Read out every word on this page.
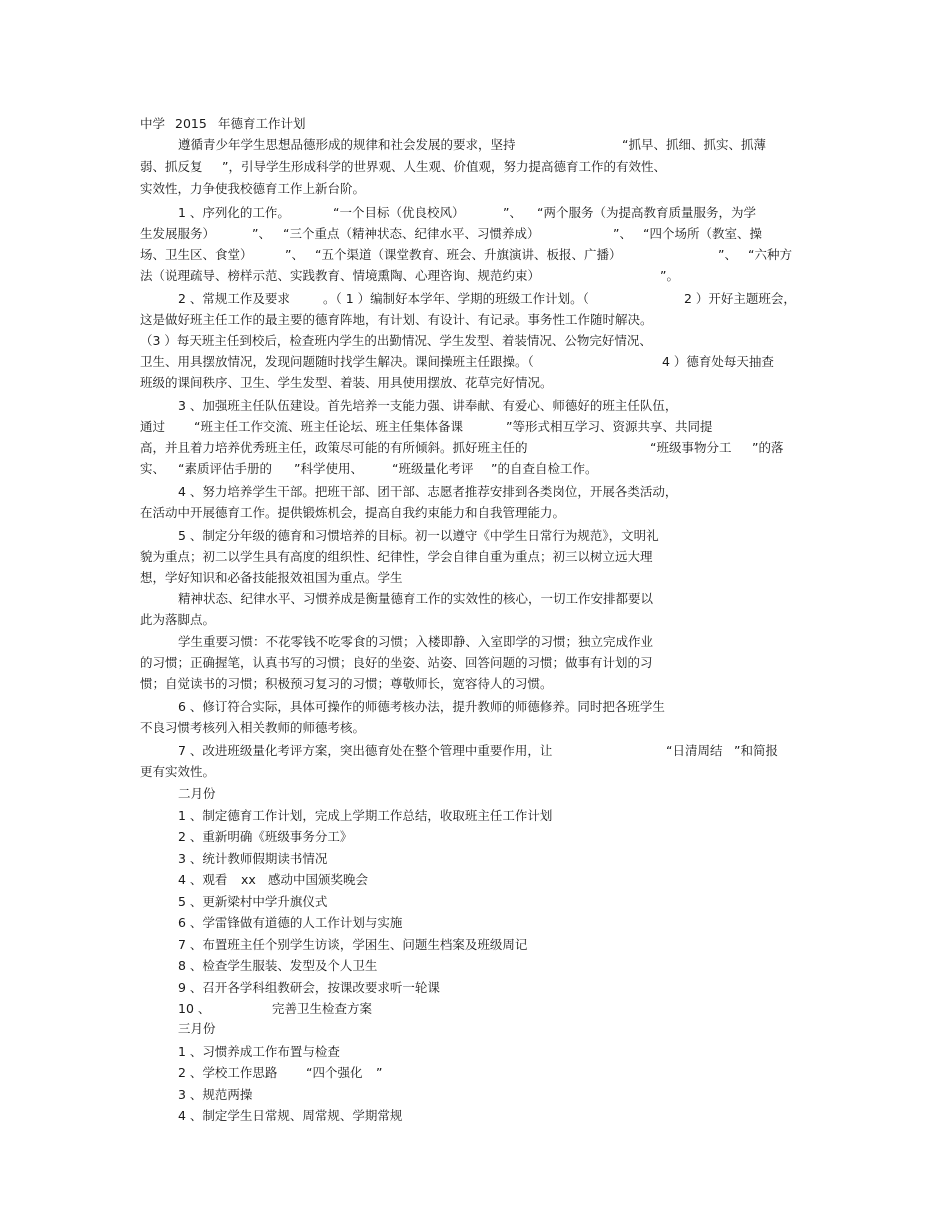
中学

2015

年德育工作计划

遵循青少年学生思想品德形成的规律和社会发展的要求，坚持

	“抓早、抓细、抓实、抓薄

弱、抓反复

”，引导学生形成科学的世界观、人生观、价值观，努力提高德育工作的有效性、

实效性，力争使我校德育工作上新台阶。

1 、序列化的工作。

	“一个目标（优良校风）

	”、

“两个服务（为提高教育质量服务，为学

生发展服务）

	”、

“三个重点（精神状态、纪律水平、习惯养成）

	”、

“四个场所（教室、操

场、卫生区、食堂）

	”、

“五个渠道（课堂教育、班会、升旗演讲、板报、广播）

	”、

“六种方

法（说理疏导、榜样示范、实践教育、情境熏陶、心理咨询、规范约束）

	”。

2 、常规工作及要求

	。（ 1 ）编制好本学年、学期的班级工作计划。（

	2 ）开好主题班会，

这是做好班主任工作的最主要的德育阵地，有计划、有设计、有记录。事务性工作随时解决。

（3 ）每天班主任到校后，检查班内学生的出勤情况、学生发型、着装情况、公物完好情况、

卫生、用具摆放情况，发现问题随时找学生解决。课间操班主任跟操。（

	4 ）德育处每天抽查

班级的课间秩序、卫生、学生发型、着装、用具使用摆放、花草完好情况。

3 、加强班主任队伍建设。首先培养一支能力强、讲奉献、有爱心、师德好的班主任队伍，

通过

“班主任工作交流、班主任论坛、班主任集体备课

	”等形式相互学习、资源共享、共同提

高，并且着力培养优秀班主任，政策尽可能的有所倾斜。抓好班主任的

	“班级事物分工

”的落

实、

“素质评估手册的

”科学使用、

“班级量化考评

”的自查自检工作。

4 、努力培养学生干部。把班干部、团干部、志愿者推荐安排到各类岗位，开展各类活动，

在活动中开展德育工作。提供锻炼机会，提高自我约束能力和自我管理能力。

5 、制定分年级的德育和习惯培养的目标。初一以遵守《中学生日常行为规范》，文明礼

貌为重点；初二以学生具有高度的组织性、纪律性，学会自律自重为重点；初三以树立远大理

想，学好知识和必备技能报效祖国为重点。学生

精神状态、纪律水平、习惯养成是衡量德育工作的实效性的核心，一切工作安排都要以

此为落脚点。

学生重要习惯：不花零钱不吃零食的习惯；入楼即静、入室即学的习惯；独立完成作业

的习惯；正确握笔，认真书写的习惯；良好的坐姿、站姿、回答问题的习惯；做事有计划的习

惯；自觉读书的习惯；积极预习复习的习惯；尊敬师长，宽容待人的习惯。

6 、修订符合实际，具体可操作的师德考核办法，提升教师的师德修养。同时把各班学生

不良习惯考核列入相关教师的师德考核。

7 、改进班级量化考评方案，突出德育处在整个管理中重要作用，让

	“日清周结

”和简报

更有实效性。

二月份

1 、制定德育工作计划，完成上学期工作总结，收取班主任工作计划

2 、重新明确《班级事务分工》

3 、统计教师假期读书情况

4 、观看

xx

感动中国颁奖晚会

5 、更新梁村中学升旗仪式

6 、学雷锋做有道德的人工作计划与实施

7 、布置班主任个别学生访谈，学困生、问题生档案及班级周记

8 、检查学生服装、发型及个人卫生

9 、召开各学科组教研会，按课改要求听一轮课

10 、

	完善卫生检查方案

三月份

1 、习惯养成工作布置与检查

2 、学校工作思路

“四个强化

”

3 、规范两操

4 、制定学生日常规、周常规、学期常规
